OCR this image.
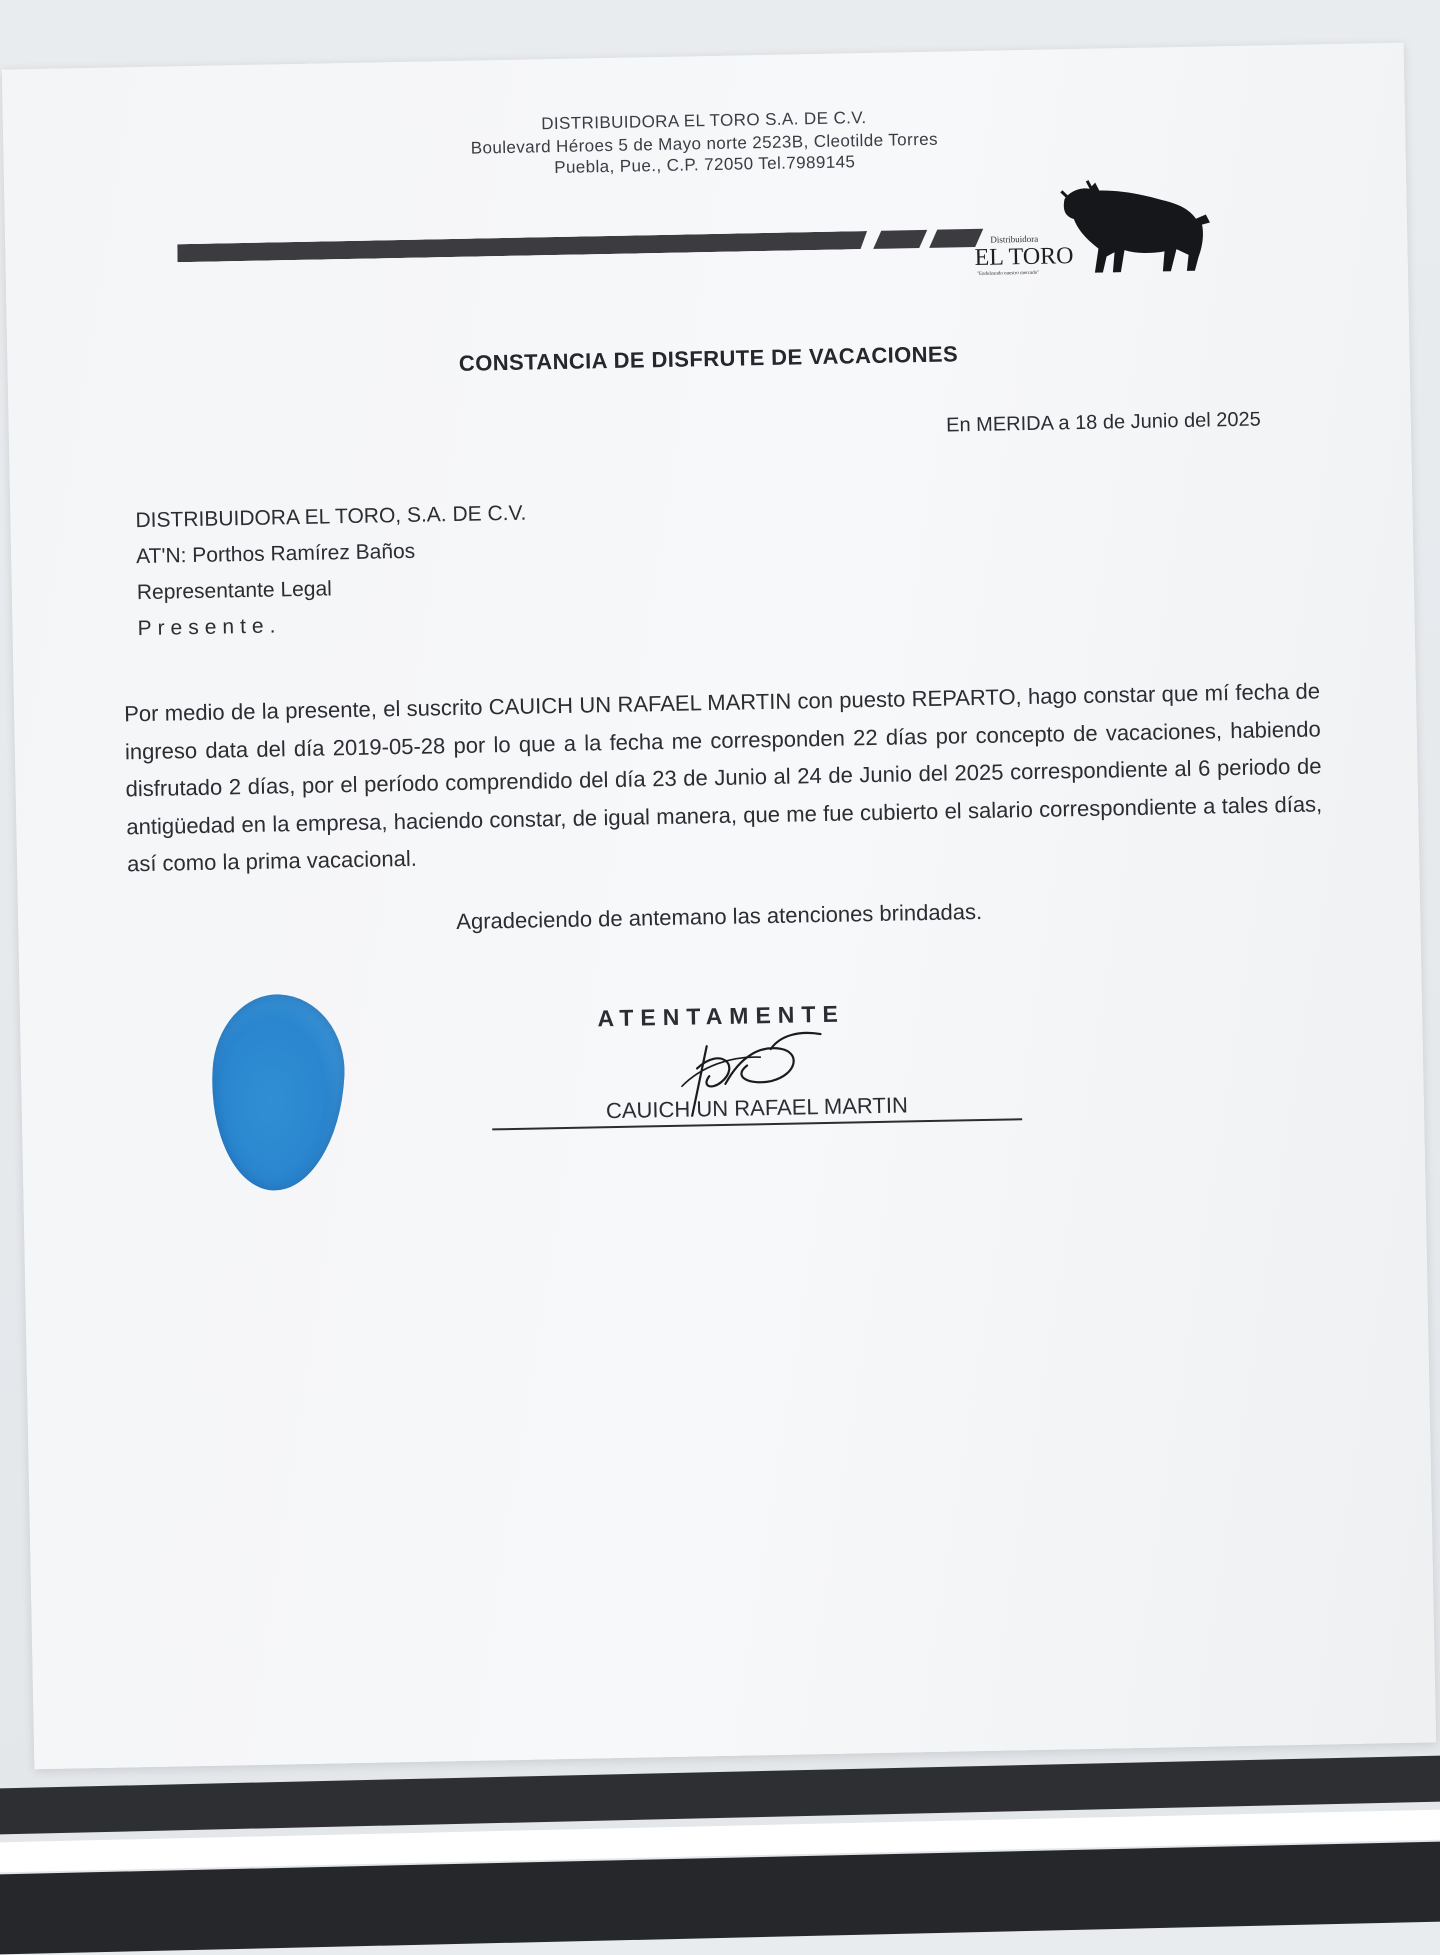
DISTRIBUIDORA EL TORO S.A. DE C.V.
Boulevard Héroes 5 de Mayo norte 2523B, Cleotilde Torres
Puebla, Pue., C.P. 72050 Tel.7989145
Distribuidora
EL TORO
"Endulzando nuestro mercado"
CONSTANCIA DE DISFRUTE DE VACACIONES
En MERIDA a 18 de Junio del 2025
DISTRIBUIDORA EL TORO, S.A. DE C.V.
AT'N: Porthos Ramírez Baños
Representante Legal
Presente.
Por medio de la presente, el suscrito CAUICH UN RAFAEL MARTIN con puesto REPARTO, hago constar que mí fecha de ingreso data del día 2019-05-28 por lo que a la fecha me corresponden 22 días por concepto de vacaciones, habiendo disfrutado 2 días, por el período comprendido del día 23 de Junio al 24 de Junio del 2025 correspondiente al 6 periodo de antigüedad en la empresa, haciendo constar, de igual manera, que me fue cubierto el salario correspondiente a tales días, así como la prima vacacional.
Agradeciendo de antemano las atenciones brindadas.
ATENTAMENTE
CAUICH UN RAFAEL MARTIN
